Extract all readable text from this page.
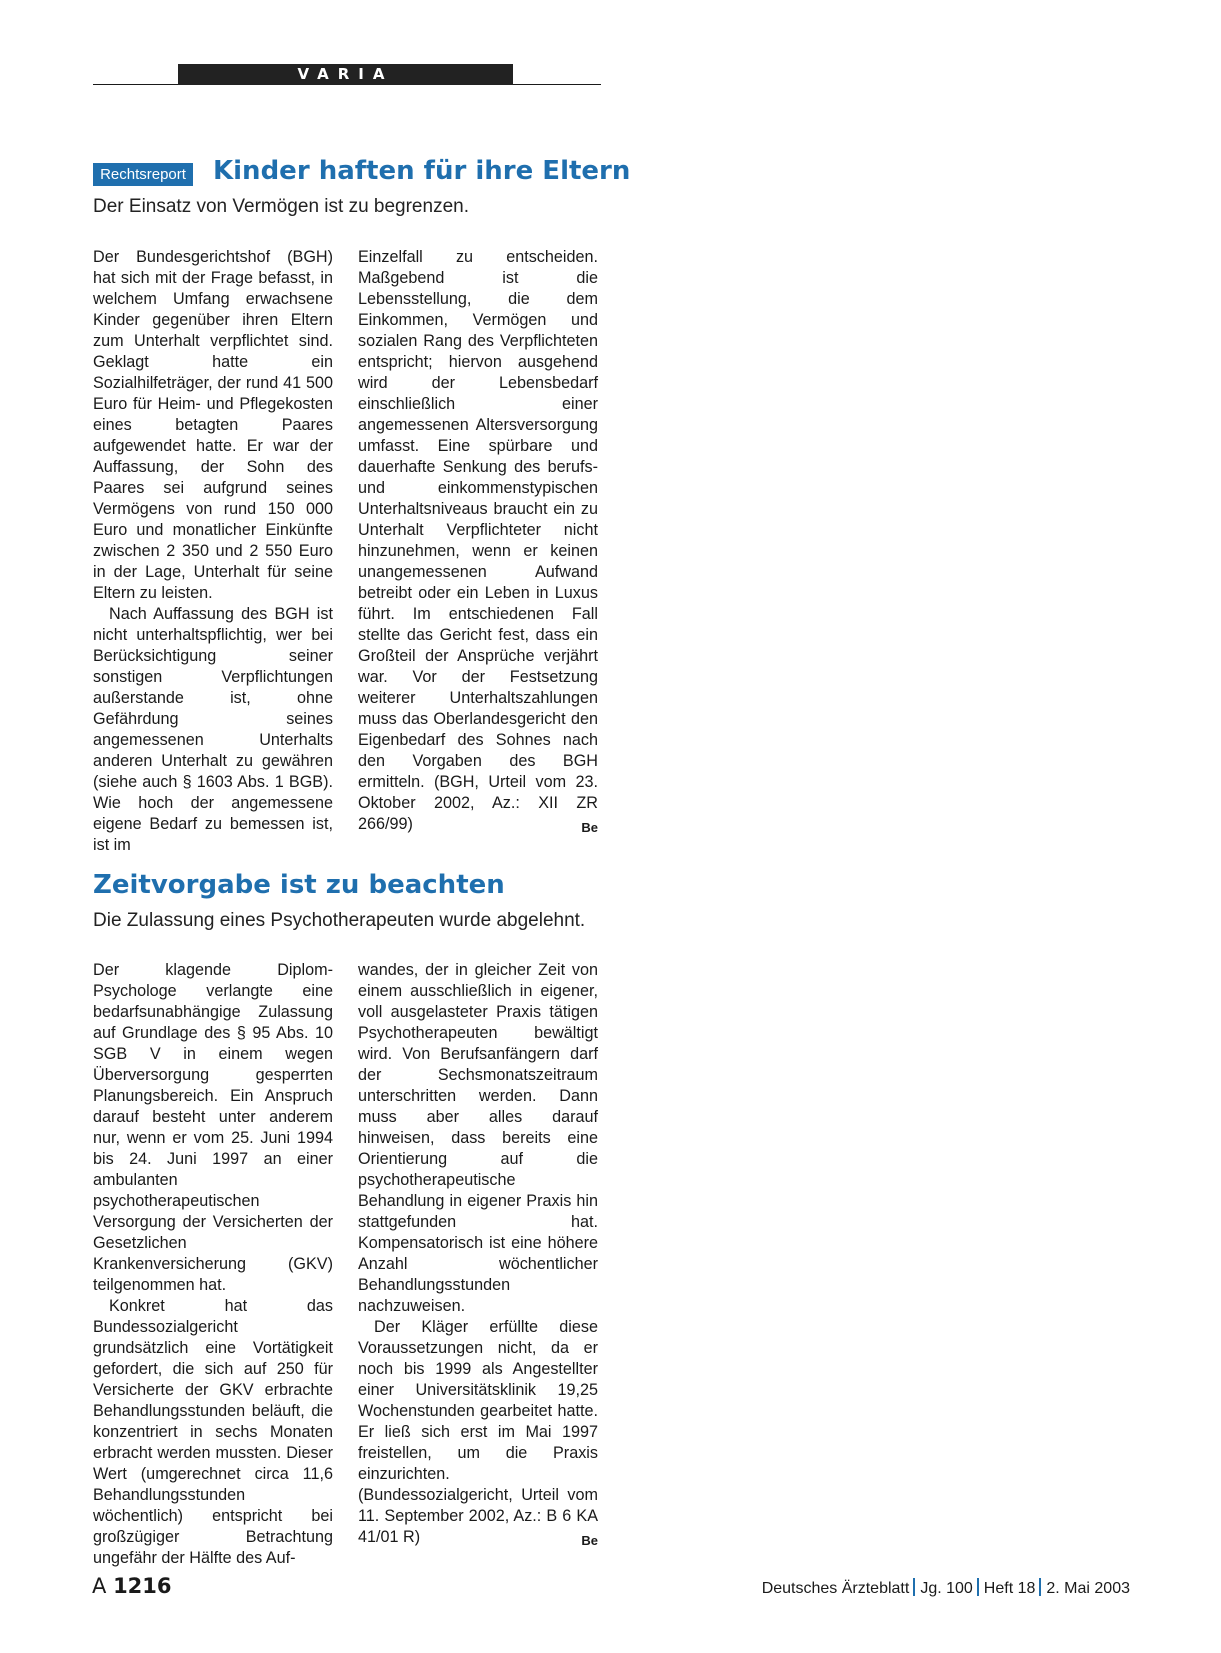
VARIA
Rechtsreport Kinder haften für ihre Eltern

Der Einsatz von Vermögen ist zu begrenzen.

Der Bundesgerichtshof (BGH) hat sich mit der Frage befasst, in welchem Umfang erwachsene Kinder gegenüber ihren Eltern zum Unterhalt verpflichtet sind. Geklagt hatte ein Sozialhilfeträger, der rund 41 500 Euro für Heim- und Pflegekosten eines betagten Paares aufgewendet hatte. Er war der Auffassung, der Sohn des Paares sei aufgrund seines Vermögens von rund 150 000 Euro und monatlicher Einkünfte zwischen 2 350 und 2 550 Euro in der Lage, Unterhalt für seine Eltern zu leisten.

Nach Auffassung des BGH ist nicht unterhaltspflichtig, wer bei Berücksichtigung seiner sonstigen Verpflichtungen außerstande ist, ohne Gefährdung seines angemessenen Unterhalts anderen Unterhalt zu gewähren (siehe auch § 1603 Abs. 1 BGB). Wie hoch der angemessene eigene Bedarf zu bemessen ist, ist im

Einzelfall zu entscheiden. Maßgebend ist die Lebensstellung, die dem Einkommen, Vermögen und sozialen Rang des Verpflichteten entspricht; hiervon ausgehend wird der Lebensbedarf einschließlich einer angemessenen Altersversorgung umfasst. Eine spürbare und dauerhafte Senkung des berufs- und einkommenstypischen Unterhaltsniveaus braucht ein zu Unterhalt Verpflichteter nicht hinzunehmen, wenn er keinen unangemessenen Aufwand betreibt oder ein Leben in Luxus führt. Im entschiedenen Fall stellte das Gericht fest, dass ein Großteil der Ansprüche verjährt war. Vor der Festsetzung weiterer Unterhaltszahlungen muss das Oberlandesgericht den Eigenbedarf des Sohnes nach den Vorgaben des BGH ermitteln. (BGH, Urteil vom 23. Oktober 2002, Az.: XII ZR 266/99)	Be

Zeitvorgabe ist zu beachten

Die Zulassung eines Psychotherapeuten wurde abgelehnt.

Der klagende Diplom-Psychologe verlangte eine bedarfsunabhängige Zulassung auf Grundlage des § 95 Abs. 10 SGB V in einem wegen Überversorgung gesperrten Planungsbereich. Ein Anspruch darauf besteht unter anderem nur, wenn er vom 25. Juni 1994 bis 24. Juni 1997 an einer ambulanten psychotherapeutischen Versorgung der Versicherten der Gesetzlichen Krankenversicherung (GKV) teilgenommen hat.

Konkret hat das Bundessozialgericht grundsätzlich eine Vortätigkeit gefordert, die sich auf 250 für Versicherte der GKV erbrachte Behandlungsstunden beläuft, die konzentriert in sechs Monaten erbracht werden mussten. Dieser Wert (umgerechnet circa 11,6 Behandlungsstunden wöchentlich) entspricht bei großzügiger Betrachtung ungefähr der Hälfte des Auf-

wandes, der in gleicher Zeit von einem ausschließlich in eigener, voll ausgelasteter Praxis tätigen Psychotherapeuten bewältigt wird. Von Berufsanfängern darf der Sechsmonatszeitraum unterschritten werden. Dann muss aber alles darauf hinweisen, dass bereits eine Orientierung auf die psychotherapeutische Behandlung in eigener Praxis hin stattgefunden hat. Kompensatorisch ist eine höhere Anzahl wöchentlicher Behandlungsstunden nachzuweisen.

Der Kläger erfüllte diese Voraussetzungen nicht, da er noch bis 1999 als Angestellter einer Universitätsklinik 19,25 Wochenstunden gearbeitet hatte. Er ließ sich erst im Mai 1997 freistellen, um die Praxis einzurichten. (Bundessozialgericht, Urteil vom 11. September 2002, Az.: B 6 KA 41/01 R)	Be

A 1216	Deutsches Ärzteblatt Jg. 100 Heft 18 2. Mai 2003
